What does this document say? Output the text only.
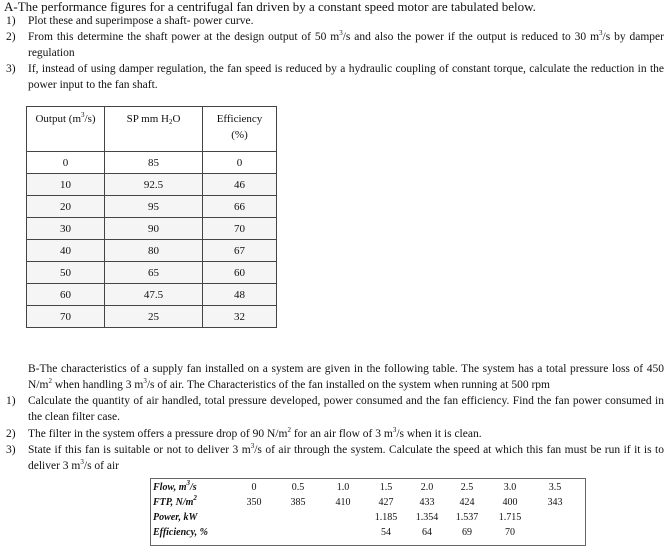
A-The performance figures for a centrifugal fan driven by a constant speed motor are tabulated below.
1) Plot these and superimpose a shaft- power curve.
2) From this determine the shaft power at the design output of 50 $m^3/s$ and also the power if the output is reduced to 30 $m^3/s$ by damper regulation
3) If, instead of using damper regulation, the fan speed is reduced by a hydraulic coupling of constant torque, calculate the reduction in the power input to the fan shaft.
Output $(m^3/s)$	SP mm $H_2O$	Efficiency
(%)
0	85	0
10	92.5	46
20	95	66
30	90	70
40	80	67
50	65	60
60	47.5	48
70	25	32
B-The characteristics of a supply fan installed on a system are given in the following table. The system has a total pressure loss of 450 $N/m^2$ when handling 3 $m^3/s$ of air. The Characteristics of the fan installed on the system when running at 500 rpm
1) Calculate the quantity of air handled, total pressure developed, power consumed and the fan efficiency. Find the fan power consumed in the clean filter case.
2) The filter in the system offers a pressure drop of 90 $N/m^2$ for an air flow of 3 $m^3/s$ when it is clean.
3) State if this fan is suitable or not to deliver 3 $m^3/s$ of air through the system. Calculate the speed at which this fan must be run if it is to deliver 3 $m^3/s$ of air
Flow, $m^3/s$	0	0.5	1.0	1.5	2.0	2.5	3.0	3.5
FTP, $N/m^2$	350	385	410	427	433	424	400	343
Power, kW				1.185	1.354	1.537	1.715	
Efficiency, %				54	64	69	70	
